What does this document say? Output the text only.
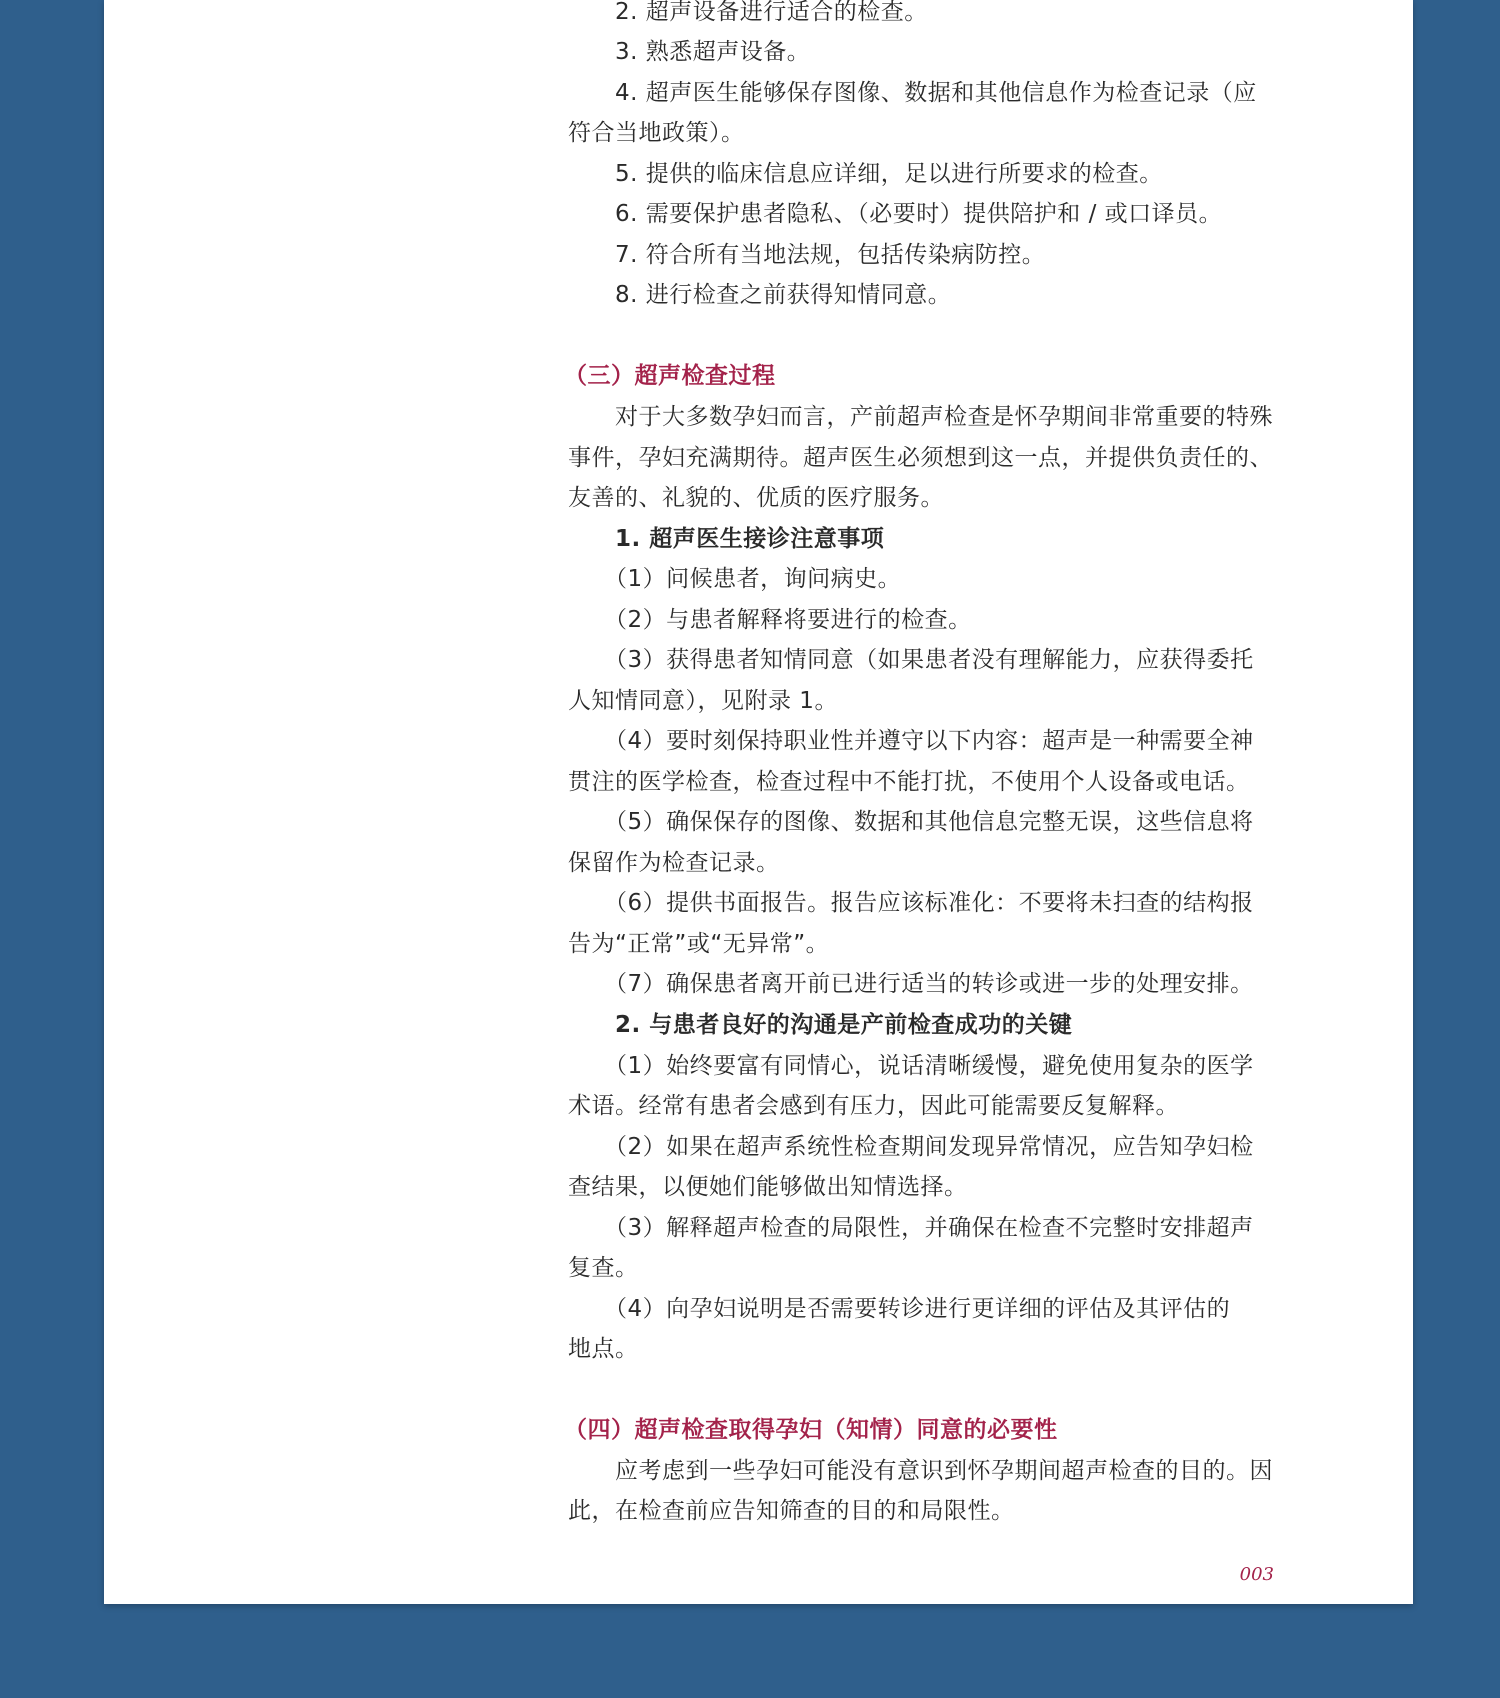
2. 超声设备进行适合的检查。
3. 熟悉超声设备。
4. 超声医生能够保存图像、数据和其他信息作为检查记录（应
符合当地政策）。
5. 提供的临床信息应详细，足以进行所要求的检查。
6. 需要保护患者隐私、（必要时）提供陪护和 / 或口译员。
7. 符合所有当地法规，包括传染病防控。
8. 进行检查之前获得知情同意。
（三）超声检查过程
对于大多数孕妇而言，产前超声检查是怀孕期间非常重要的特殊
事件，孕妇充满期待。超声医生必须想到这一点，并提供负责任的、
友善的、礼貌的、优质的医疗服务。
1. 超声医生接诊注意事项
（1）问候患者，询问病史。
（2）与患者解释将要进行的检查。
（3）获得患者知情同意（如果患者没有理解能力，应获得委托
人知情同意），见附录 1。
（4）要时刻保持职业性并遵守以下内容：超声是一种需要全神
贯注的医学检查，检查过程中不能打扰，不使用个人设备或电话。
（5）确保保存的图像、数据和其他信息完整无误，这些信息将
保留作为检查记录。
（6）提供书面报告。报告应该标准化：不要将未扫查的结构报
告为“正常”或“无异常”。
（7）确保患者离开前已进行适当的转诊或进一步的处理安排。
2. 与患者良好的沟通是产前检查成功的关键
（1）始终要富有同情心，说话清晰缓慢，避免使用复杂的医学
术语。经常有患者会感到有压力，因此可能需要反复解释。
（2）如果在超声系统性检查期间发现异常情况，应告知孕妇检
查结果，以便她们能够做出知情选择。
（3）解释超声检查的局限性，并确保在检查不完整时安排超声
复查。
（4）向孕妇说明是否需要转诊进行更详细的评估及其评估的
地点。
（四）超声检查取得孕妇（知情）同意的必要性
应考虑到一些孕妇可能没有意识到怀孕期间超声检查的目的。因
此，在检查前应告知筛查的目的和局限性。
003
